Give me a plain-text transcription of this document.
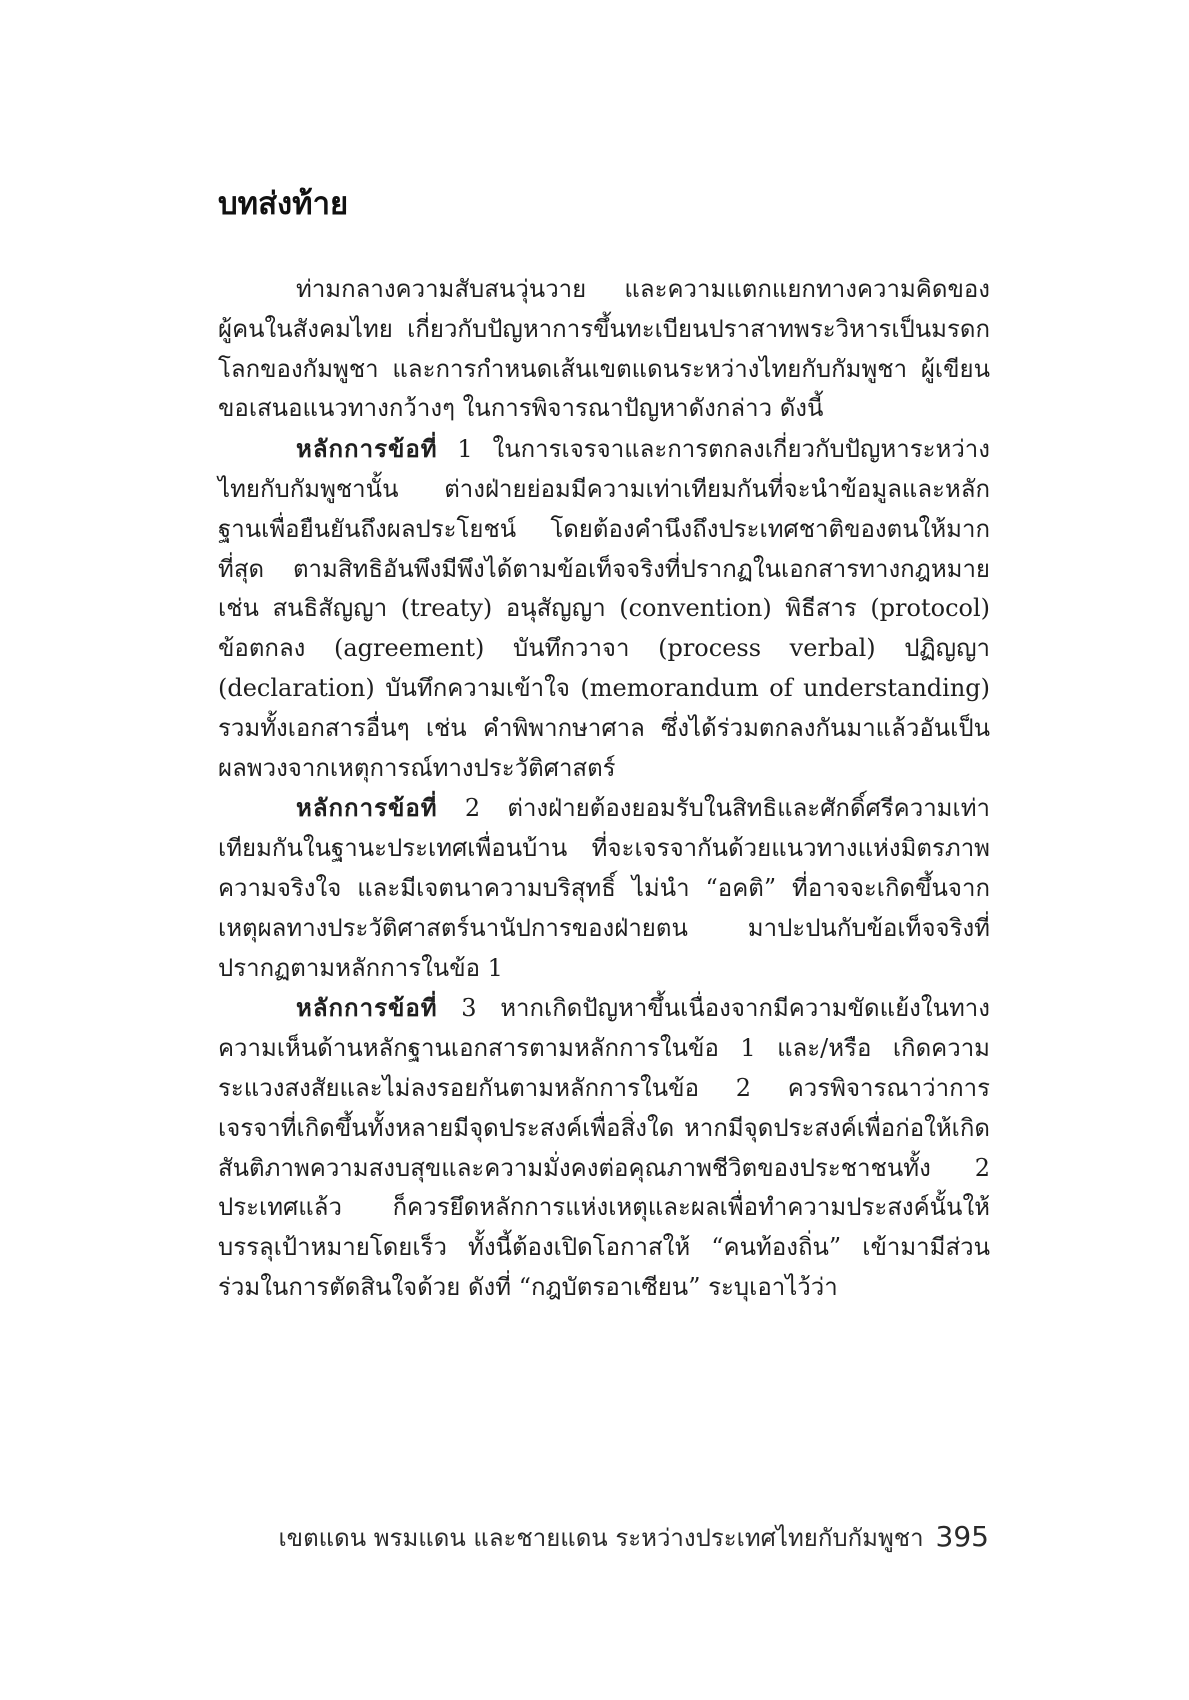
บทส่งท้าย

ท่ามกลางความสับสนวุ่นวาย และความแตกแยกทางความคิดของผู้คนในสังคมไทย เกี่ยวกับปัญหาการขึ้นทะเบียนปราสาทพระวิหารเป็นมรดกโลกของกัมพูชา และการกำหนดเส้นเขตแดนระหว่างไทยกับกัมพูชา ผู้เขียนขอเสนอแนวทางกว้างๆ ในการพิจารณาปัญหาดังกล่าว ดังนี้

หลักการข้อที่ 1 ในการเจรจาและการตกลงเกี่ยวกับปัญหาระหว่างไทยกับกัมพูชานั้น ต่างฝ่ายย่อมมีความเท่าเทียมกันที่จะนำข้อมูลและหลักฐานเพื่อยืนยันถึงผลประโยชน์ โดยต้องคำนึงถึงประเทศชาติของตนให้มากที่สุด ตามสิทธิอันพึงมีพึงได้ตามข้อเท็จจริงที่ปรากฏในเอกสารทางกฎหมาย เช่น สนธิสัญญา (treaty) อนุสัญญา (convention) พิธีสาร (protocol) ข้อตกลง (agreement) บันทึกวาจา (process verbal) ปฏิญญา (declaration) บันทึกความเข้าใจ (memorandum of understanding) รวมทั้งเอกสารอื่นๆ เช่น คำพิพากษาศาล ซึ่งได้ร่วมตกลงกันมาแล้วอันเป็นผลพวงจากเหตุการณ์ทางประวัติศาสตร์

หลักการข้อที่ 2 ต่างฝ่ายต้องยอมรับในสิทธิและศักดิ์ศรีความเท่าเทียมกันในฐานะประเทศเพื่อนบ้าน ที่จะเจรจากันด้วยแนวทางแห่งมิตรภาพ ความจริงใจ และมีเจตนาความบริสุทธิ์ ไม่นำ “อคติ” ที่อาจจะเกิดขึ้นจากเหตุผลทางประวัติศาสตร์นานัปการของฝ่ายตน มาปะปนกับข้อเท็จจริงที่ปรากฏตามหลักการในข้อ 1

หลักการข้อที่ 3 หากเกิดปัญหาขึ้นเนื่องจากมีความขัดแย้งในทางความเห็นด้านหลักฐานเอกสารตามหลักการในข้อ 1 และ/หรือ เกิดความระแวงสงสัยและไม่ลงรอยกันตามหลักการในข้อ 2 ควรพิจารณาว่าการเจรจาที่เกิดขึ้นทั้งหลายมีจุดประสงค์เพื่อสิ่งใด หากมีจุดประสงค์เพื่อก่อให้เกิดสันติภาพความสงบสุขและความมั่งคงต่อคุณภาพชีวิตของประชาชนทั้ง 2 ประเทศแล้ว ก็ควรยึดหลักการแห่งเหตุและผลเพื่อทำความประสงค์นั้นให้บรรลุเป้าหมายโดยเร็ว ทั้งนี้ต้องเปิดโอกาสให้ “คนท้องถิ่น” เข้ามามีส่วนร่วมในการตัดสินใจด้วย ดังที่ “กฎบัตรอาเซียน” ระบุเอาไว้ว่า

เขตแดน พรมแดน และชายแดน ระหว่างประเทศไทยกับกัมพูชา 395
